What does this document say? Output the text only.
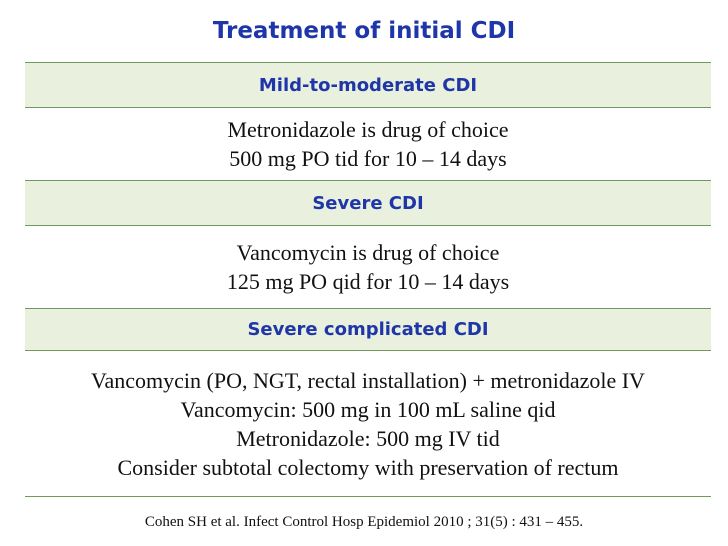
Treatment of initial CDI
Mild-to-moderate CDI
Metronidazole is drug of choice
500 mg PO tid for 10 – 14 days
Severe CDI
Vancomycin is drug of choice
125 mg PO qid for 10 – 14 days
Severe complicated CDI
Vancomycin (PO, NGT, rectal installation) + metronidazole IV
Vancomycin: 500 mg in 100 mL saline qid
Metronidazole: 500 mg IV tid
Consider subtotal colectomy with preservation of rectum
Cohen SH et al. Infect Control Hosp Epidemiol 2010 ; 31(5) : 431 – 455.
